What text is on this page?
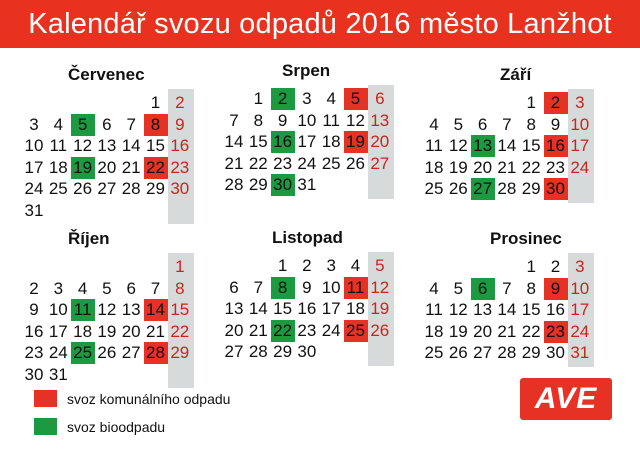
Kalendář svozu odpadů 2016 město Lanžhot
Červenec
1 2
3 4 5 6 7 8 9
10 11 12 13 14 15 16
17 18 19 20 21 22 23
24 25 26 27 28 29 30
31
Srpen
1 2 3 4 5 6
7 8 9 10 11 12 13
14 15 16 17 18 19 20
21 22 23 24 25 26 27
28 29 30 31
Září
1 2 3
4 5 6 7 8 9 10
11 12 13 14 15 16 17
18 19 20 21 22 23 24
25 26 27 28 29 30
Říjen
1
2 3 4 5 6 7 8
9 10 11 12 13 14 15
16 17 18 19 20 21 22
23 24 25 26 27 28 29
30 31
Listopad
1 2 3 4 5
6 7 8 9 10 11 12
13 14 15 16 17 18 19
20 21 22 23 24 25 26
27 28 29 30
Prosinec
1 2 3
4 5 6 7 8 9 10
11 12 13 14 15 16 17
18 19 20 21 22 23 24
25 26 27 28 29 30 31
svoz komunálního odpadu
svoz bioodpadu
AVE
